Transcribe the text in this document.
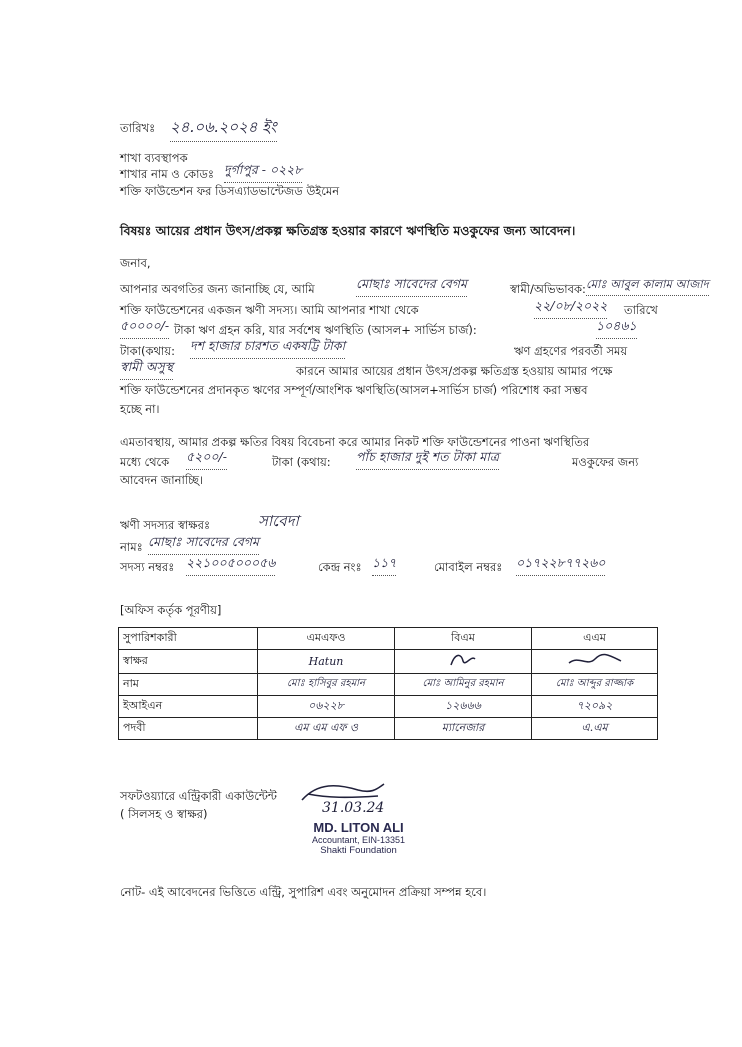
তারিখঃ ২৪.০৬.২০২৪ ইং
শাখা ব্যবস্থাপক
শাখার নাম ও কোডঃ দুর্গাপুর - ০২২৮
শক্তি ফাউন্ডেশন ফর ডিসএ্যাডভান্টেজড উইমেন
বিষয়ঃ আয়ের প্রধান উৎস/প্রকল্প ক্ষতিগ্রস্ত হওয়ার কারণে ঋণস্থিতি মওকুফের জন্য আবেদন।
জনাব,
আপনার অবগতির জন্য জানাচ্ছি যে, আমি	মোছাঃ সাবেদের বেগম	স্বামী/অভিভাবক: মোঃ আবুল কালাম আজাদ
শক্তি ফাউন্ডেশনের একজন ঋণী সদস্য। আমি আপনার শাখা থেকে	২২/০৮/২০২২ তারিখে
৫০০০০/- টাকা ঋণ গ্রহন করি, যার সর্বশেষ ঋণস্থিতি (আসল+ সার্ভিস চার্জ):	১০৪৬১
টাকা(কথায়: দশ হাজার চারশত একষট্টি টাকা	ঋণ গ্রহণের পরবর্তী সময়
স্বামী অসুস্থ	কারনে আমার আয়ের প্রধান উৎস/প্রকল্প ক্ষতিগ্রস্ত হওয়ায় আমার পক্ষে
শক্তি ফাউন্ডেশনের প্রদানকৃত ঋণের সম্পূর্ণ/আংশিক ঋণস্থিতি(আসল+সার্ভিস চার্জ) পরিশোধ করা সম্ভব
হচ্ছে না।
এমতাবস্থায়, আমার প্রকল্প ক্ষতির বিষয় বিবেচনা করে আমার নিকট শক্তি ফাউন্ডেশনের পাওনা ঋণস্থিতির
মধ্যে থেকে ৫২০০/-	টাকা (কথায়: পাঁচ হাজার দুই শত টাকা মাত্র	মওকুফের জন্য
আবেদন জানাচ্ছি।
ঋণী সদস্যর স্বাক্ষরঃ	সাবেদা
নামঃ মোছাঃ সাবেদের বেগম
সদস্য নম্বরঃ ২২১০০৫০০০৫৬	কেন্দ্র নংঃ ১১৭	মোবাইল নম্বরঃ ০১৭২২৮৭৭২৬০
[অফিস কর্তৃক পূরণীয়]
সুপারিশকারী	এমএফও	বিএম	এএম
স্বাক্ষর	Hatun		
নাম	মোঃ হাসিবুর রহমান	মোঃ আমিনুর রহমান	মোঃ আব্দুর রাজ্জাক
ইআইএন	০৬২২৮	১২৬৬৬	৭২০৯২
পদবী	এম এম এফ ও	ম্যানেজার	এ.এম
সফটওয়্যারে এন্ট্রিকারী একাউন্টেন্ট
( সিলসহ ও স্বাক্ষর)	31.03.24
MD. LITON ALI
Accountant, EIN-13351
Shakti Foundation
নোট- এই আবেদনের ভিত্তিতে এন্ট্রি, সুপারিশ এবং অনুমোদন প্রক্রিয়া সম্পন্ন হবে।
